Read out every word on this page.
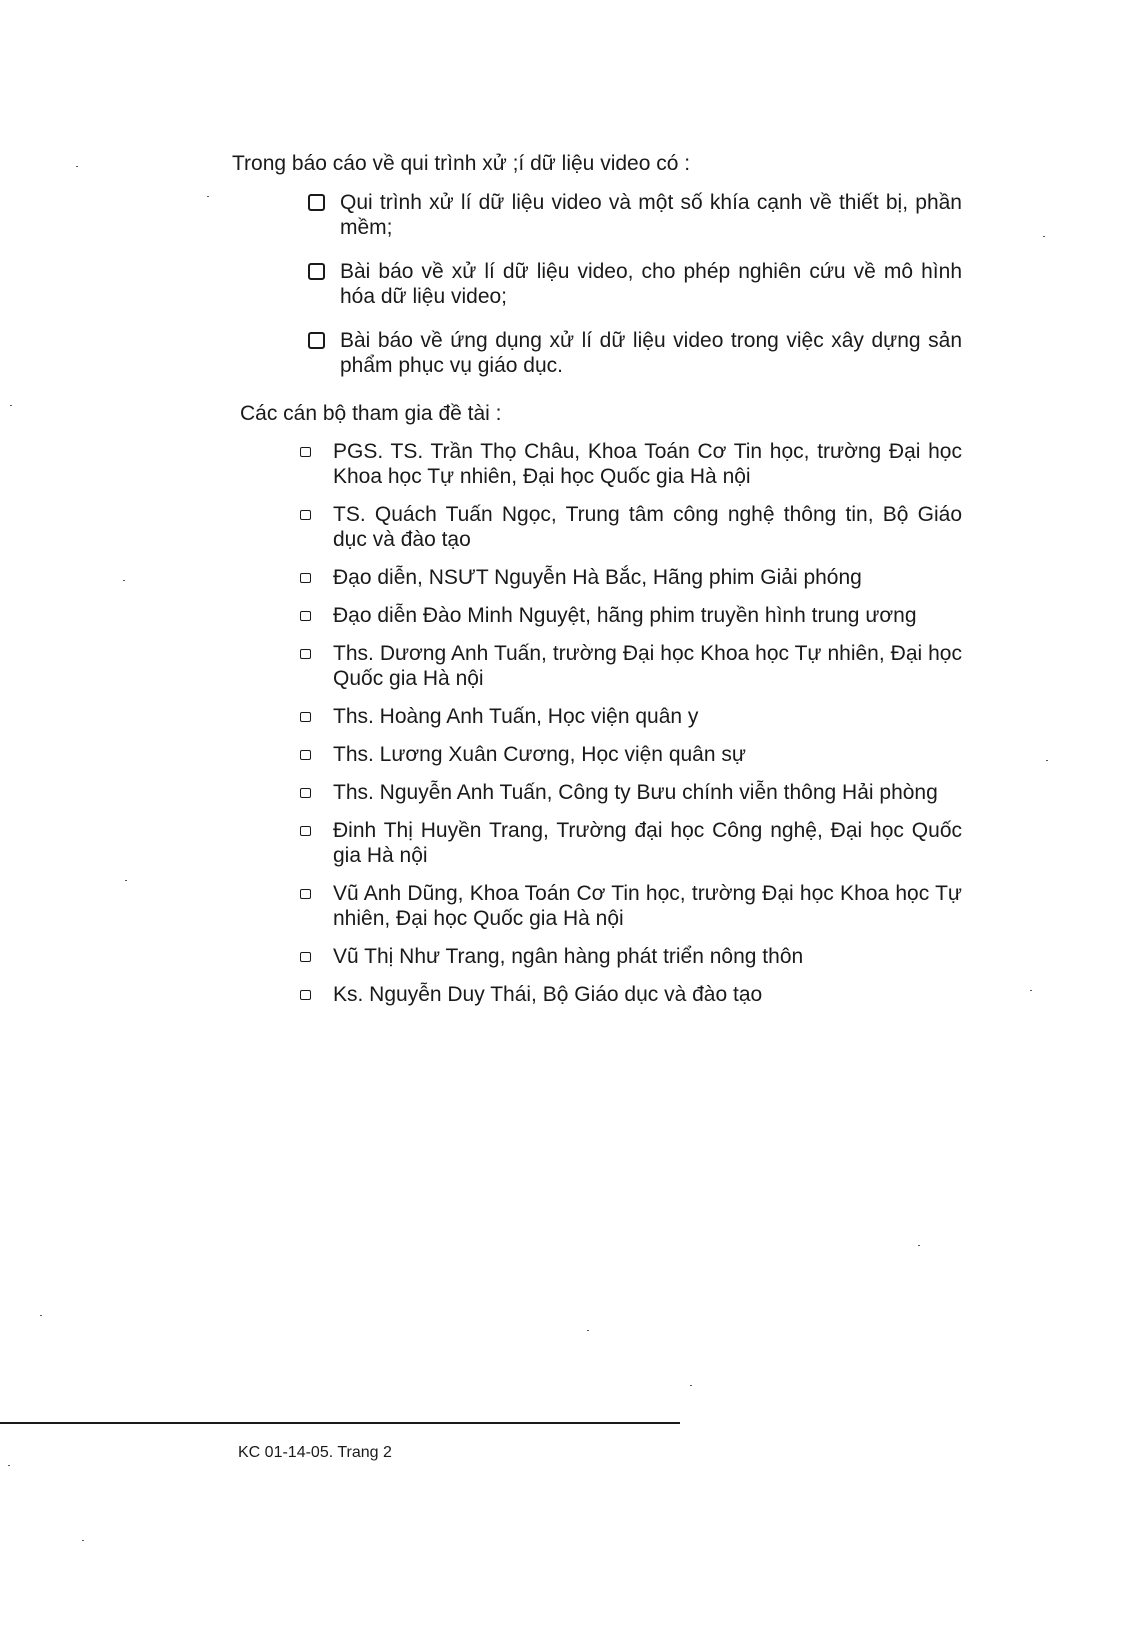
Trong báo cáo về qui trình xử ;í dữ liệu video có :
Qui trình xử lí dữ liệu video và một số khía cạnh về thiết bị, phần mềm;
Bài báo về xử lí dữ liệu video, cho phép nghiên cứu về mô hình hóa dữ liệu video;
Bài báo về ứng dụng xử lí dữ liệu video trong việc xây dựng sản phẩm phục vụ giáo dục.
Các cán bộ tham gia đề tài :
PGS. TS. Trần Thọ Châu, Khoa Toán Cơ Tin học, trường Đại học Khoa học Tự nhiên, Đại học Quốc gia Hà nội
TS. Quách Tuấn Ngọc, Trung tâm công nghệ thông tin, Bộ Giáo dục và đào tạo
Đạo diễn, NSƯT Nguyễn Hà Bắc, Hãng phim Giải phóng
Đạo diễn Đào Minh Nguyệt, hãng phim truyền hình trung ương
Ths. Dương Anh Tuấn, trường Đại học Khoa học Tự nhiên, Đại học Quốc gia Hà nội
Ths. Hoàng Anh Tuấn, Học viện quân y
Ths. Lương Xuân Cương, Học viện quân sự
Ths. Nguyễn Anh Tuấn, Công ty Bưu chính viễn thông Hải phòng
Đinh Thị Huyền Trang, Trường đại học Công nghệ, Đại học Quốc gia Hà nội
Vũ Anh Dũng, Khoa Toán Cơ Tin học, trường Đại học Khoa học Tự nhiên, Đại học Quốc gia Hà nội
Vũ Thị Như Trang, ngân hàng phát triển nông thôn
Ks. Nguyễn Duy Thái, Bộ Giáo dục và đào tạo
KC 01-14-05. Trang 2
